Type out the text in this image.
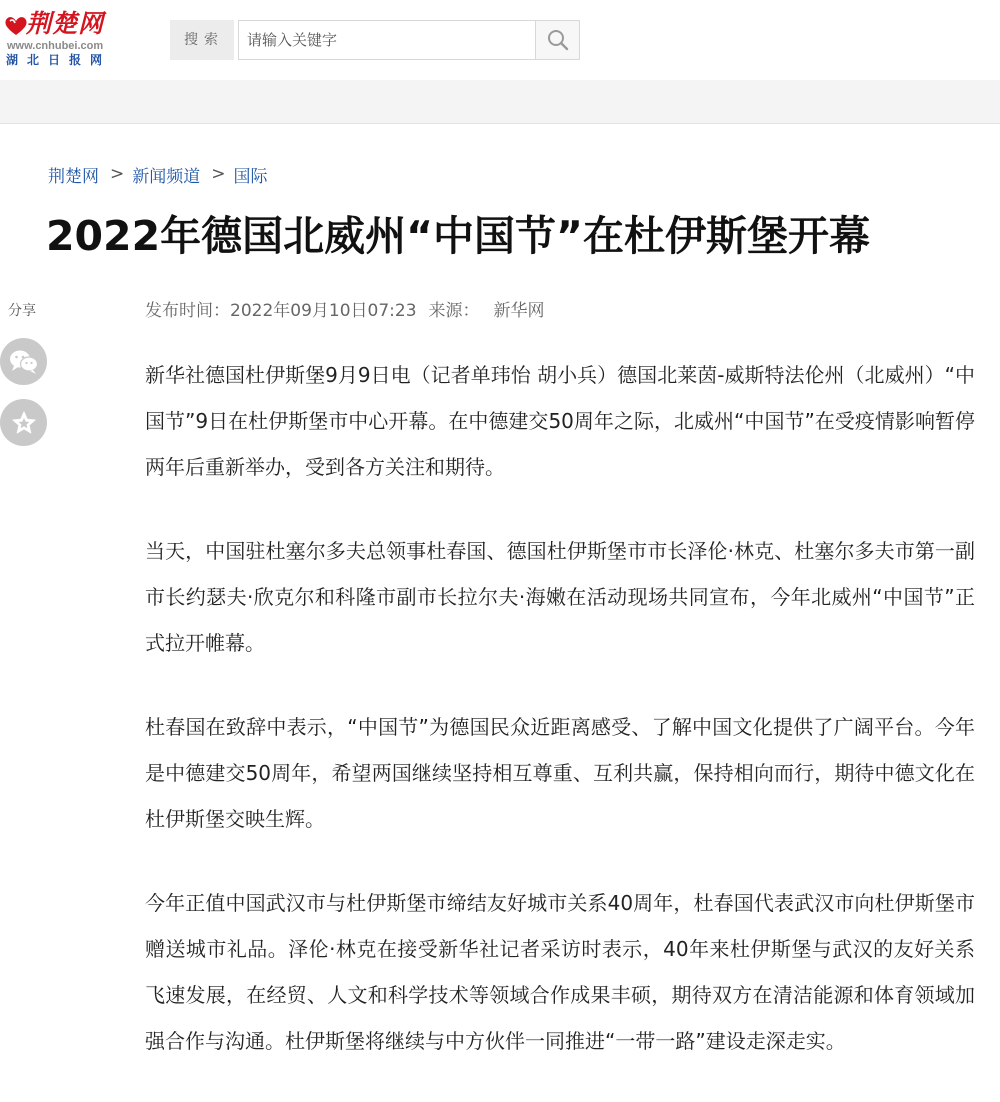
荆楚网
www.cnhubei.com
湖北日报网
搜索
请输入关键字
荆楚网 > 新闻频道 > 国际
2022年德国北威州“中国节”在杜伊斯堡开幕
分享	发布时间：2022年09月10日07:23 来源： 新华网

新华社德国杜伊斯堡9月9日电（记者单玮怡 胡小兵）德国北莱茵-威斯特法伦州（北威州）“中国节”9日在杜伊斯堡市中心开幕。在中德建交50周年之际，北威州“中国节”在受疫情影响暂停两年后重新举办，受到各方关注和期待。

当天，中国驻杜塞尔多夫总领事杜春国、德国杜伊斯堡市市长泽伦·林克、杜塞尔多夫市第一副市长约瑟夫·欣克尔和科隆市副市长拉尔夫·海嫩在活动现场共同宣布，今年北威州“中国节”正式拉开帷幕。

杜春国在致辞中表示，“中国节”为德国民众近距离感受、了解中国文化提供了广阔平台。今年是中德建交50周年，希望两国继续坚持相互尊重、互利共赢，保持相向而行，期待中德文化在杜伊斯堡交映生辉。

今年正值中国武汉市与杜伊斯堡市缔结友好城市关系40周年，杜春国代表武汉市向杜伊斯堡市赠送城市礼品。泽伦·林克在接受新华社记者采访时表示，40年来杜伊斯堡与武汉的友好关系飞速发展，在经贸、人文和科学技术等领域合作成果丰硕，期待双方在清洁能源和体育领域加强合作与沟通。杜伊斯堡将继续与中方伙伴一同推进“一带一路”建设走深走实。
